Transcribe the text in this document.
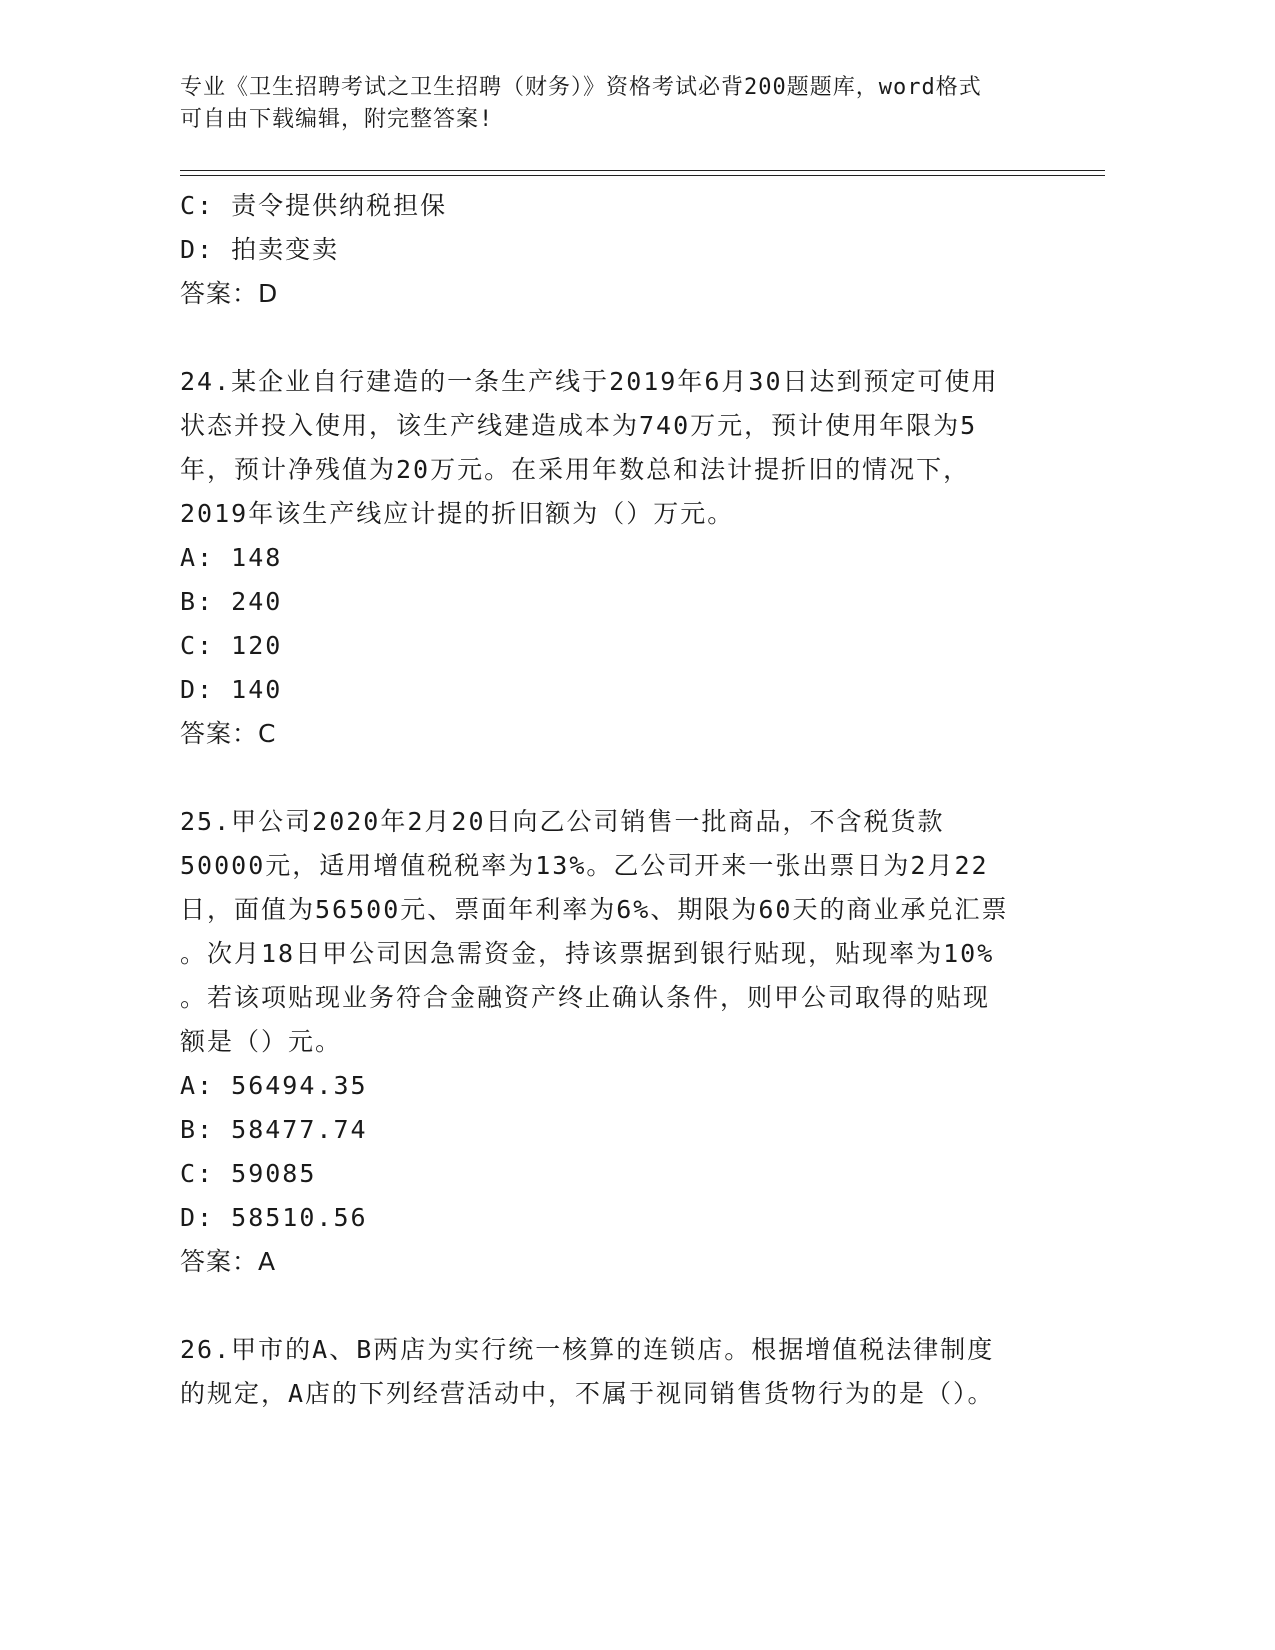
专业《卫生招聘考试之卫生招聘（财务）》资格考试必背200题题库，word格式
可自由下载编辑，附完整答案!
C: 责令提供纳税担保
D: 拍卖变卖
答案：D
24.某企业自行建造的一条生产线于2019年6月30日达到预定可使用
状态并投入使用，该生产线建造成本为740万元，预计使用年限为5
年，预计净残值为20万元。在采用年数总和法计提折旧的情况下，
2019年该生产线应计提的折旧额为（）万元。
A: 148
B: 240
C: 120
D: 140
答案：C
25.甲公司2020年2月20日向乙公司销售一批商品，不含税货款
50000元，适用增值税税率为13%。乙公司开来一张出票日为2月22
日，面值为56500元、票面年利率为6%、期限为60天的商业承兑汇票
。次月18日甲公司因急需资金，持该票据到银行贴现，贴现率为10%
。若该项贴现业务符合金融资产终止确认条件，则甲公司取得的贴现
额是（）元。
A: 56494.35
B: 58477.74
C: 59085
D: 58510.56
答案：A
26.甲市的A、B两店为实行统一核算的连锁店。根据增值税法律制度
的规定，A店的下列经营活动中，不属于视同销售货物行为的是（）。
